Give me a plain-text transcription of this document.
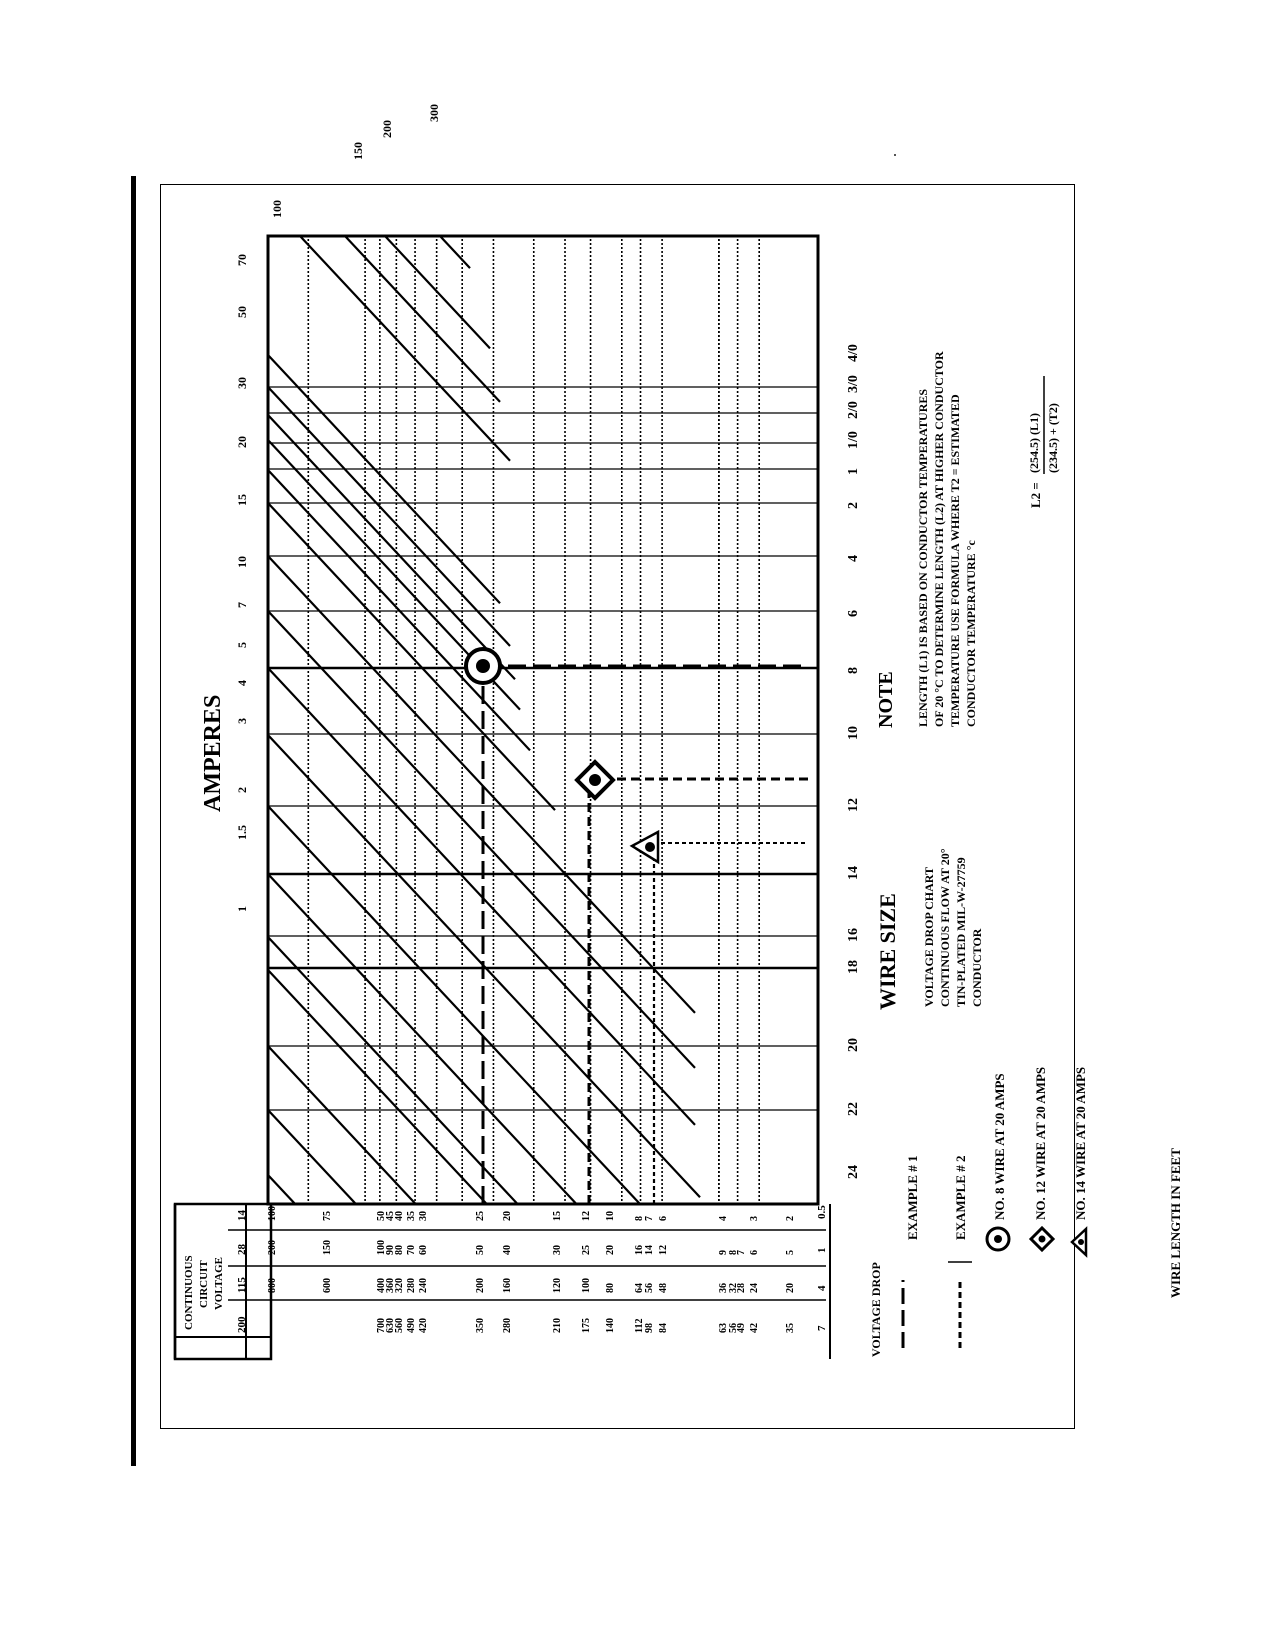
24
22
20
18
16
14
12
10
8
6
4
2
1
1/0
2/0
3/0
4/0
WIRE SIZE
1
1.5
2
3
4
5
7
10
15
20
30
50
70
100
150
200
300
AMPERES
CONTINUOUS CIRCUIT VOLTAGE
200
115
28
14
7
4
1
0.5
VOLTAGE DROP
800
200
100
600
150
75
700
400
100
50
630
360
90
45
560
320
80
40
490
280
70
35
420
240
60
30
350
200
50
25
280
160
40
20
210
120
30
15
175
100
25
12
140
80
20
10
112
64
16
8
98
56
14
7
84
48
12
6
63
36
9
4
56
32
8
49
28
7
42
24
6
3
35
20
5
2	WIRE LENGTH IN FEET
EXAMPLE # 1	EXAMPLE # 2 NO. 8 WIRE AT 20 AMPS NO. 12 WIRE AT 20 AMPS NO. 14 WIRE AT 20 AMPS
VOLTAGE DROP CHART CONTINUOUS FLOW AT 20° TIN-PLATED MIL-W-27759 CONDUCTOR
NOTE LENGTH (L1) IS BASED ON CONDUCTOR TEMPERATURES OF 20 °C TO DETERMINE LENGTH (L2) AT HIGHER CONDUCTOR TEMPERATURE USE FORMULA WHERE T2 = ESTIMATED CONDUCTOR TEMPERATURE °c
L2 =
(254.5) (L1) (234.5) + (T2)
